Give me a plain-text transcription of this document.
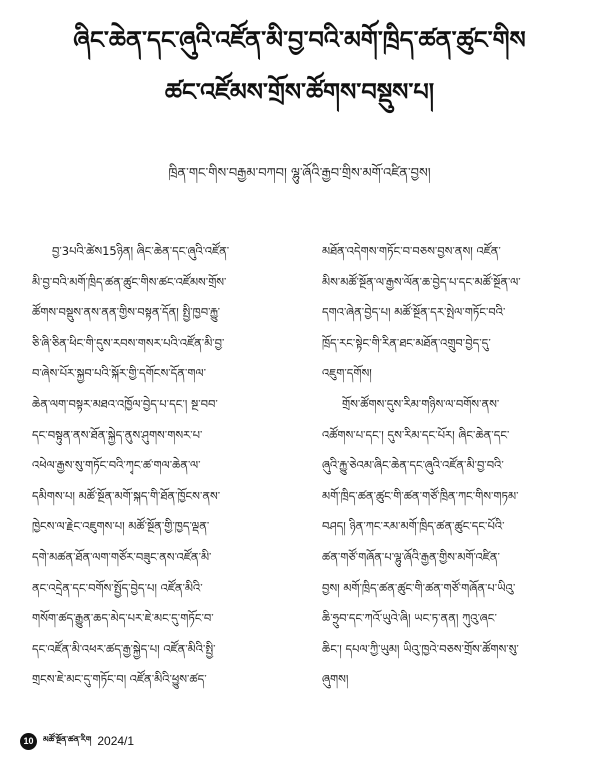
ཞིང་ཆེན་དང་ཞུའི་འཛོན་མི་བྱ་བའི་མགོ་ཁྲིད་ཚན་ཚུང་གིས
ཚང་འཛོམས་གྲོས་ཚོགས་བསྡུས་པ།
ཁྲིན་གང་གིས་བརྒྱམ་བཀབ། ལྷུ་ཞོའི་རྒྱབ་གྲིས་མགོ་འཛིན་བྱས།
བྱ་3པའི་ཚེས15ཉིན། ཞིང་ཆེན་དང་ཞུའི་འཛོན་
མི་བྱ་བའི་མགོ་ཁྲིད་ཚན་ཚུང་གིས་ཚང་འཛོམས་གྲོས་
ཚོགས་བསྡུས་ནས་ནན་གྱིས་བསྟན་དོན། སྤྱི་ཁྱབ་རྐྱུ་
ཅི་ཞི་ཅིན་ཕིང་གི་དུས་རབས་གསར་པའི་འཛོན་མི་བྱ་
བ་ཞེས་པོར་སྐྱབ་པའི་སྐོར་གྱི་དགོངས་དོན་གལ་
ཆེན་ལག་བསྟར་མཐའ་འཁྱོལ་བྱེད་པ་དང་། སྔ་བབ་
དང་བསྟུན་ནས་ཐོན་སྐྱེད་ནུས་ཤུགས་གསར་པ་
འཕེལ་རྒྱས་སུ་གཏོང་བའི་ཀྭང་ཚ་གལ་ཆེན་ལ་
དམིགས་པ། མཚོ་སྔོན་མགོ་སྐད་གི་ཐོན་ཁྱོངས་ནས་
ཁྱེངས་ལ་རྗེང་འཇུགས་པ། མཚོ་སྔོན་གྱི་ཁྱད་ལྡན་
དགེ་མཚན་ཐོན་ལག་གཙོར་བཟུང་ནས་འཛོན་མི་
ནང་འདྲེན་དང་བགོས་སྤྱོད་བྱེད་པ། འཛོན་མིའི་
གསོག་ཚད་རྒྱུན་ཆད་མེད་པར་ཇེ་མང་དུ་གཏོང་བ་
དང་འཛོན་མི་འཕར་ཚད་རྒྱ་སྐྱེད་པ། འཛོན་མིའི་སྤྱི་
གྲངས་ཇེ་མང་དུ་གཏོང་བ། འཛོན་མིའི་ཕྱུས་ཚད་
མཐོན་འདེགས་གཏོང་བ་བཅས་བྱས་ནས། འཛོན་
མིས་མཚོ་སྔོན་ལ་རྒྱས་ལོན་ཆ་བྱེད་པ་དང་མཚོ་སྔོན་ལ་
དགའ་ཞེན་བྱེད་པ། མཚོ་སྔོན་དར་སྤེལ་གཏོང་བའི་
ཁྲོད་རང་སྟེང་གི་རིན་ཐང་མཐོན་འགྲུབ་བྱེད་དུ་
འཇུག་དགོས།
གྲོས་ཚོགས་དུས་རིམ་གཉིས་ལ་བགོས་ནས་
འཚོགས་པ་དང་། དུས་རིམ་དང་པོར། ཞིང་ཆེན་དང་
ཞུའི་རྐྱུ་ཅེའམ་ཞིང་ཆེན་དང་ཞུའི་འཛོན་མི་བྱ་བའི་
མགོ་ཁྲིད་ཚན་ཚུང་གི་ཚན་གཙོ་ཁྲིན་ཀང་གིས་གཏམ་
བཤད། ཉིན་ཀང་རམ་མགོ་ཁྲིད་ཚན་ཚུང་དང་པོའི་
ཚན་གཙོ་གཞོན་པ་ལྷུ་ཞོའི་རྒྱན་གྱིས་མགོ་འཛིན་
བྱས། མགོ་ཁྲིད་ཚན་ཚུང་གི་ཚན་གཙོ་གཞོན་པ་ཡིའུ་
ཆི་ཧྲུབ་དང་ཀའོ་ཡུའེ་ཞི། ཡང་ཏ་ནན། ཀུའུ་ཞང་
ཆིང་། དཔལ་ཀྱི་ཡུམ། ཡིའུ་ཁྱའེ་བཅས་གྲོས་ཚོགས་སུ་
ཞུགས།
10	མཚོ་སྔོན་ཚན་རིག 2024/1
